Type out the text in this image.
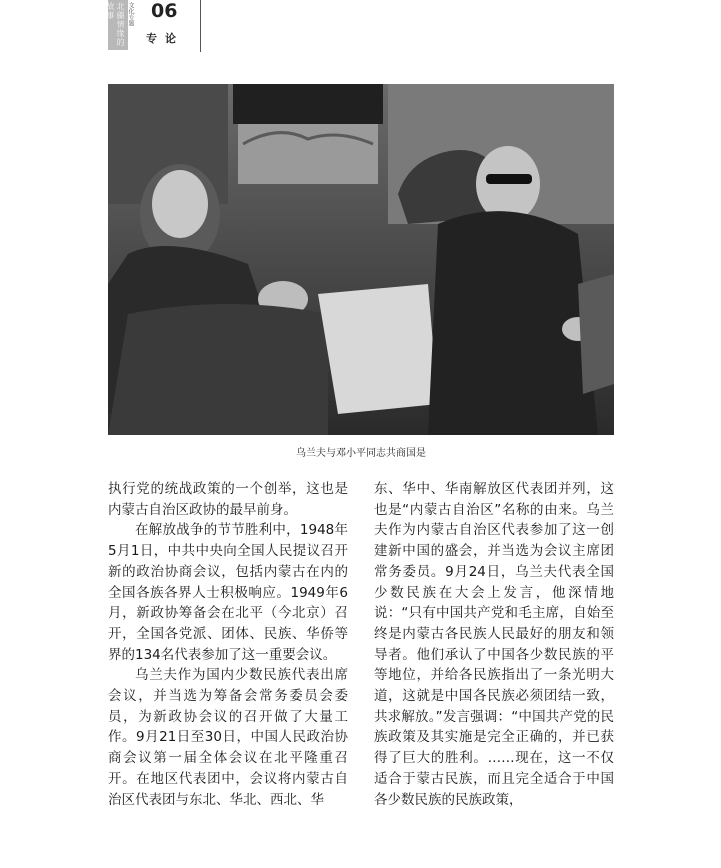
北疆情缘的故事	文化专题 06
专论
乌兰夫与邓小平同志共商国是

执行党的统战政策的一个创举，这也是内蒙古自治区政协的最早前身。

在解放战争的节节胜利中，1948年5月1日，中共中央向全国人民提议召开新的政治协商会议，包括内蒙古在内的全国各族各界人士积极响应。1949年6月，新政协筹备会在北平（今北京）召开，全国各党派、团体、民族、华侨等界的134名代表参加了这一重要会议。

乌兰夫作为国内少数民族代表出席会议，并当选为筹备会常务委员会委员，为新政协会议的召开做了大量工作。9月21日至30日，中国人民政治协商会议第一届全体会议在北平隆重召开。在地区代表团中，会议将内蒙古自治区代表团与东北、华北、西北、华

东、华中、华南解放区代表团并列，这也是“内蒙古自治区”名称的由来。乌兰夫作为内蒙古自治区代表参加了这一创建新中国的盛会，并当选为会议主席团常务委员。9月24日，乌兰夫代表全国少数民族在大会上发言，他深情地说：“只有中国共产党和毛主席，自始至终是内蒙古各民族人民最好的朋友和领导者。他们承认了中国各少数民族的平等地位，并给各民族指出了一条光明大道，这就是中国各民族必须团结一致，共求解放。”发言强调：“中国共产党的民族政策及其实施是完全正确的，并已获得了巨大的胜利。……现在，这一不仅适合于蒙古民族，而且完全适合于中国各少数民族的民族政策，
